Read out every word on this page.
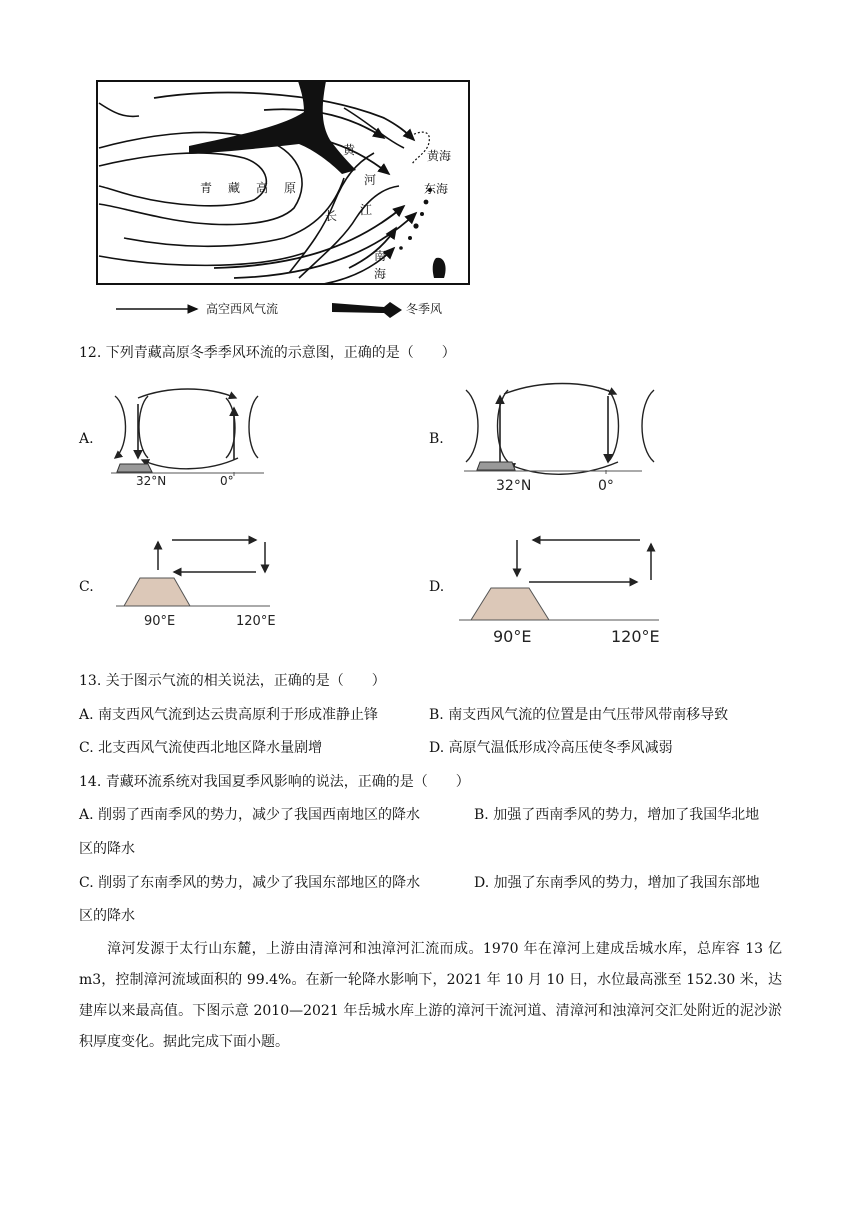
青 藏 高 原
黄
河
长 江
黄海
东海
南
海
高空西风气流	冬季风
12. 下列青藏高原冬季季风环流的示意图，正确的是（　　）
A.
32°N	0°
B.
32°N	0°
C.
90°E	120°E
D.
90°E	120°E
13. 关于图示气流的相关说法，正确的是（　　）
A. 南支西风气流到达云贵高原利于形成准静止锋	B. 南支西风气流的位置是由气压带风带南移导致
C. 北支西风气流使西北地区降水量剧增	D. 高原气温低形成冷高压使冬季风减弱
14. 青藏环流系统对我国夏季风影响的说法，正确的是（　　）
A. 削弱了西南季风的势力，减少了我国西南地区的降水	B. 加强了西南季风的势力，增加了我国华北地
区的降水
C. 削弱了东南季风的势力，减少了我国东部地区的降水	D. 加强了东南季风的势力，增加了我国东部地
区的降水
漳河发源于太行山东麓，上游由清漳河和浊漳河汇流而成。1970 年在漳河上建成岳城水库，总库容 13 亿 m3，控制漳河流域面积的 99.4%。在新一轮降水影响下，2021 年 10 月 10 日，水位最高涨至 152.30 米，达建库以来最高值。下图示意 2010—2021 年岳城水库上游的漳河干流河道、清漳河和浊漳河交汇处附近的泥沙淤积厚度变化。据此完成下面小题。
